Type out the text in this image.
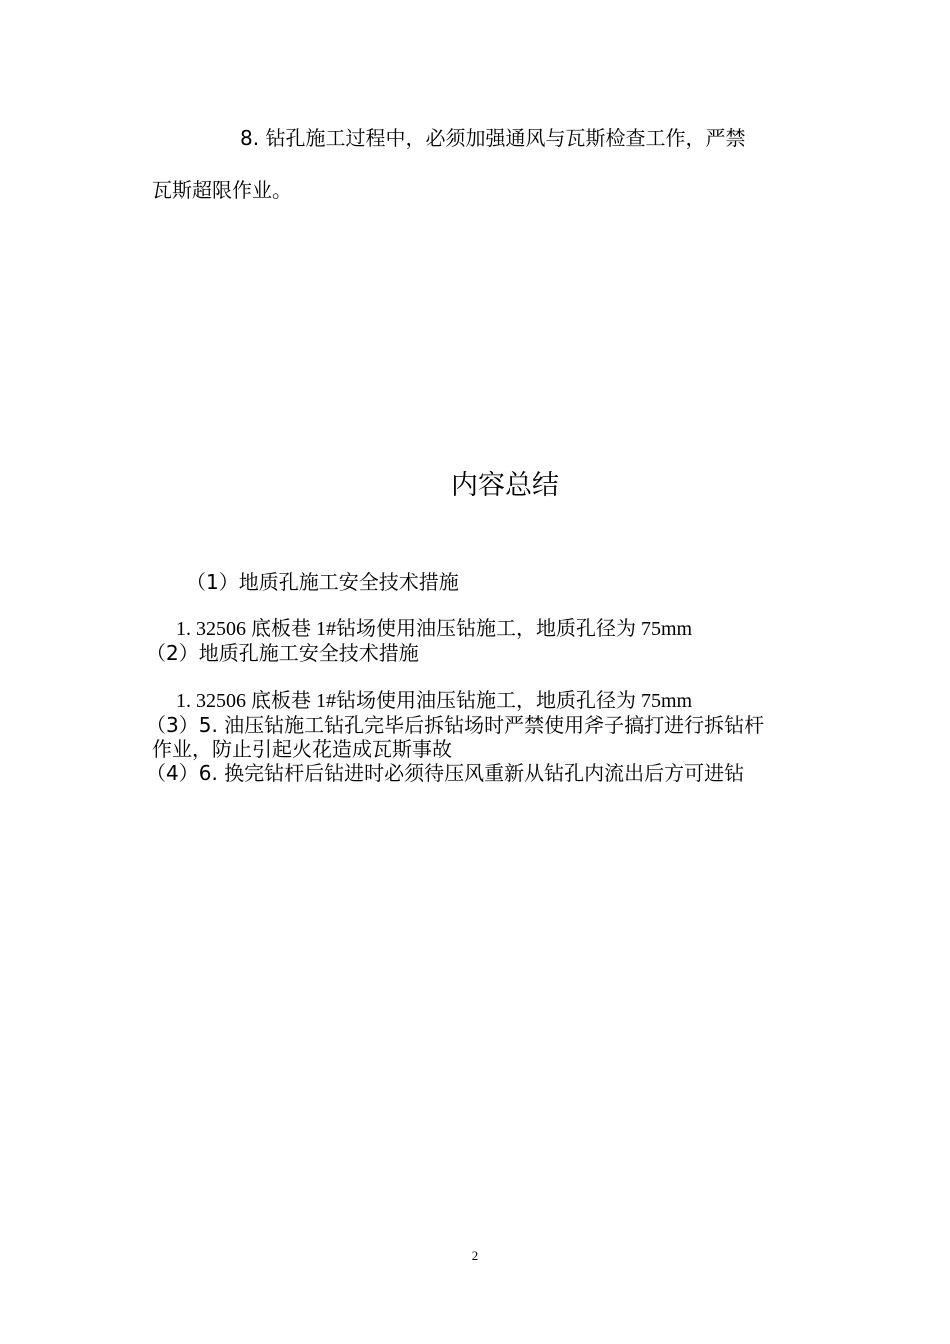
8. 钻孔施工过程中，必须加强通风与瓦斯检查工作，严禁
瓦斯超限作业。
内容总结
（1）地质孔施工安全技术措施
1. 32506 底板巷 1#钻场使用油压钻施工，地质孔径为 75mm
（2）地质孔施工安全技术措施
1. 32506 底板巷 1#钻场使用油压钻施工，地质孔径为 75mm
（3）5. 油压钻施工钻孔完毕后拆钻场时严禁使用斧子搞打进行拆钻杆
作业，防止引起火花造成瓦斯事故
（4）6. 换完钻杆后钻进时必须待压风重新从钻孔内流出后方可进钻
2
